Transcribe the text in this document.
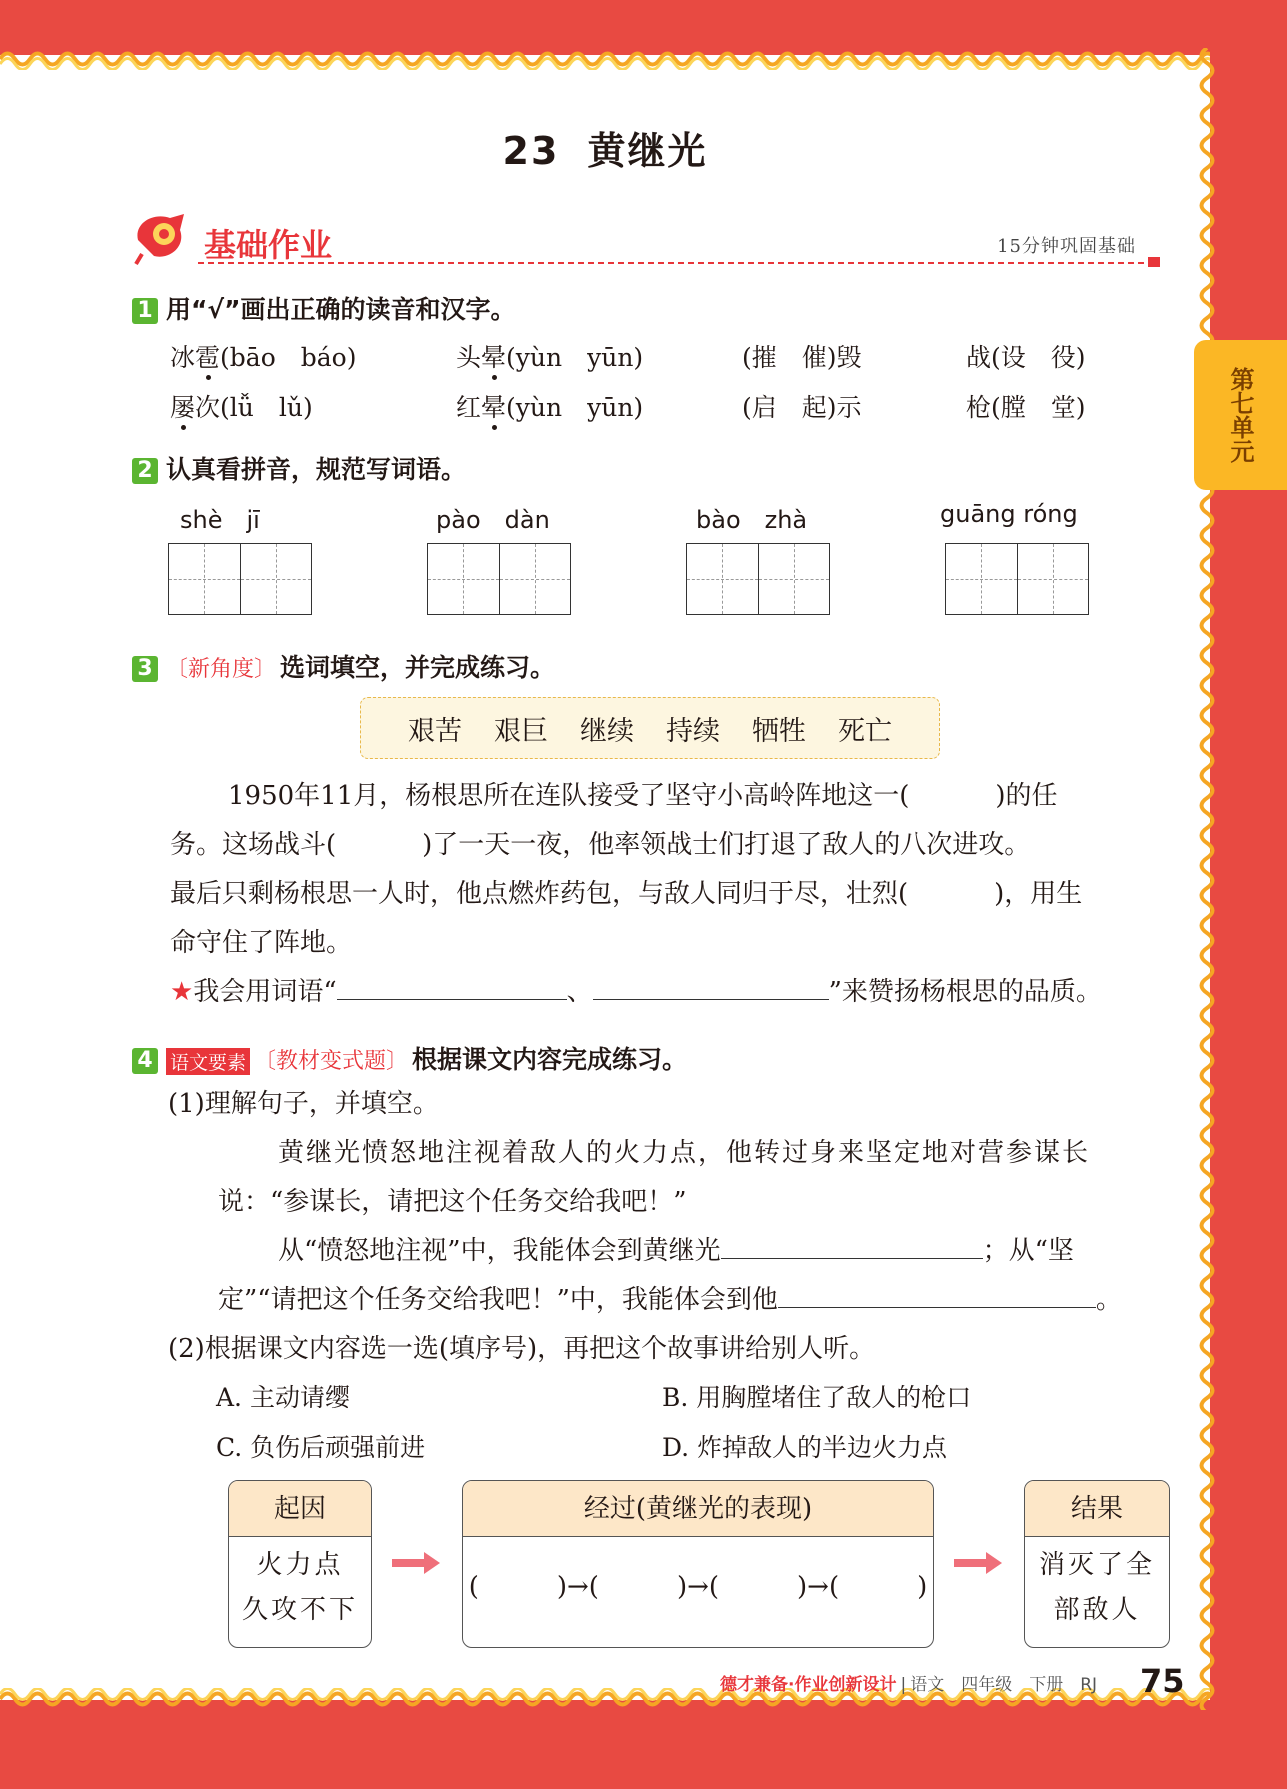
第七单元
23 黄继光
基础作业	15分钟巩固基础
1 用“√”画出正确的读音和汉字。
冰雹(bāo　báo)	头晕(yùn　yūn)	(摧　催)毁	战(设　役)
屡次(lǚ　lǔ)	红晕(yùn　yūn)	(启　起)示	枪(膛　堂)
2 认真看拼音，规范写词语。
shè　jī	pào　dàn	bào　zhà	guāng róng
3 〔新角度〕 选词填空，并完成练习。
艰苦 艰巨 继续 持续 牺牲 死亡
1950年11月，杨根思所在连队接受了坚守小高岭阵地这一(	)的任
务。这场战斗(	)了一天一夜，他率领战士们打退了敌人的八次进攻。
最后只剩杨根思一人时，他点燃炸药包，与敌人同归于尽，壮烈(	)，用生
命守住了阵地。
★我会用词语“	、	”来赞扬杨根思的品质。
4 语文要素 〔教材变式题〕 根据课文内容完成练习。
(1)理解句子，并填空。
黄继光愤怒地注视着敌人的火力点，他转过身来坚定地对营参谋长
说：“参谋长，请把这个任务交给我吧！”
从“愤怒地注视”中，我能体会到黄继光	；从“坚
定”“请把这个任务交给我吧！”中，我能体会到他	。
(2)根据课文内容选一选(填序号)，再把这个故事讲给别人听。
A. 主动请缨	B. 用胸膛堵住了敌人的枪口
C. 负伤后顽强前进	D. 炸掉敌人的半边火力点
起因
火力点
久攻不下
经过(黄继光的表现)
(　　　)→(　　　)→(　　　)→(　　　)
结果
消灭了全
部敌人
德才兼备·作业创新设计 | 语文　四年级　下册　RJ 75
